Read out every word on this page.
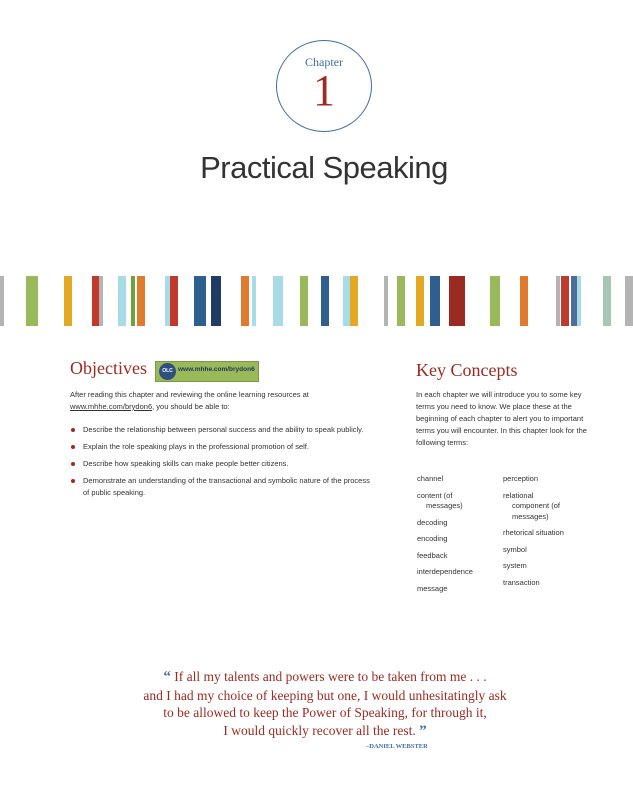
Chapter
1
Practical Speaking
Objectives	OLC www.mhhe.com/brydon6

After reading this chapter and reviewing the online learning resources at www.mhhe.com/brydon6, you should be able to:

Describe the relationship between personal success and the ability to speak publicly.
Explain the role speaking plays in the professional promotion of self.
Describe how speaking skills can make people better citizens.
Demonstrate an understanding of the transactional and symbolic nature of the process of public speaking.
Key Concepts

In each chapter we will introduce you to some key terms you need to know. We place these at the beginning of each chapter to alert you to important terms you will encounter. In this chapter look for the following terms:

channel
content (of
messages)
decoding
encoding
feedback
interdependence
message
perception
relational
component (of messages)
rhetorical situation
symbol
system
transaction

“ If all my talents and powers were to be taken from me . . .
and I had my choice of keeping but one, I would unhesitatingly ask
to be allowed to keep the Power of Speaking, for through it,
I would quickly recover all the rest. ”

–DANIEL WEBSTER
